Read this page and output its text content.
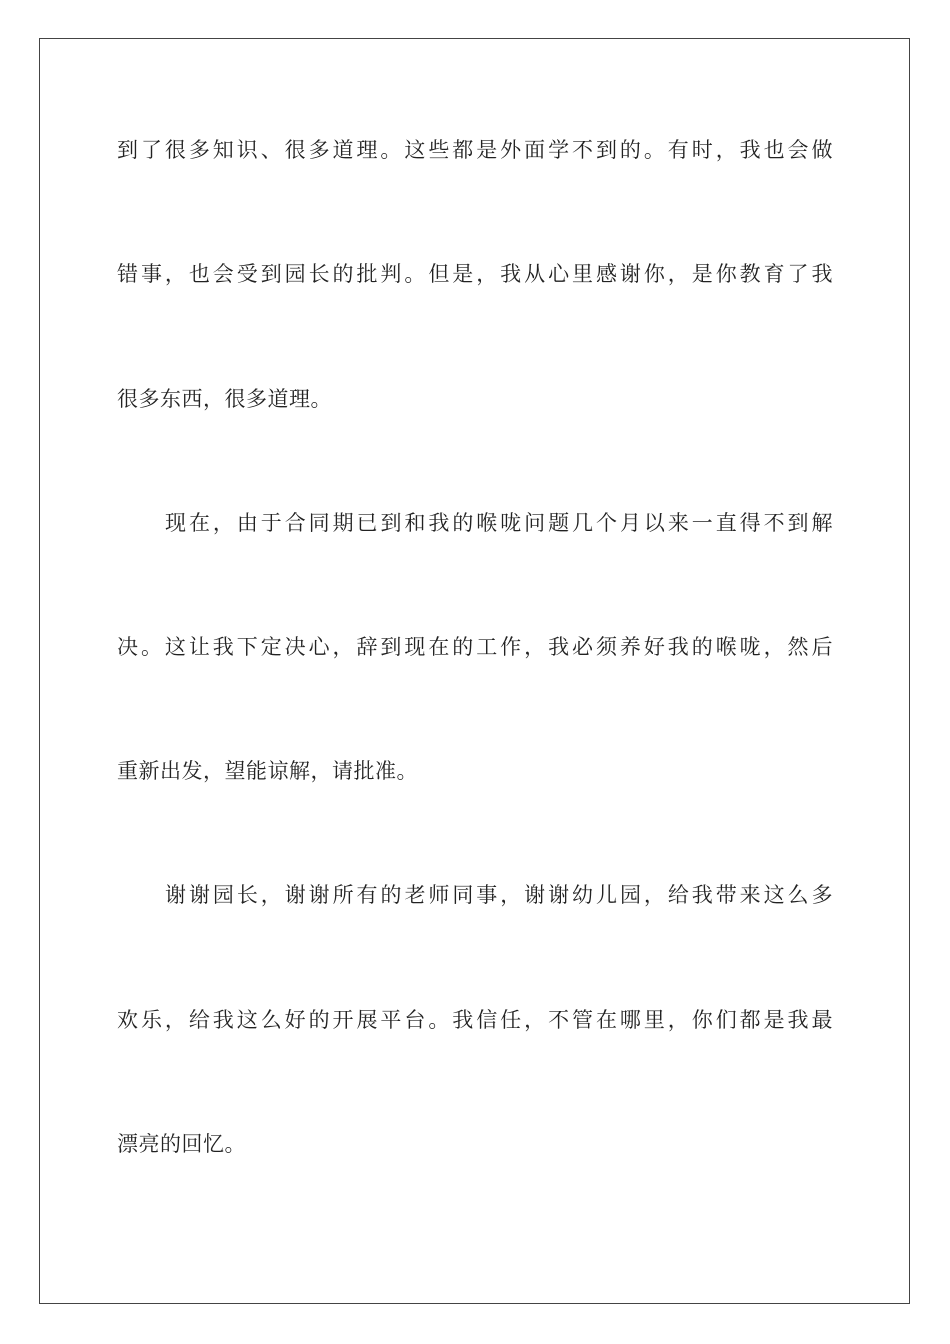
到了很多知识、很多道理。这些都是外面学不到的。有时，我也会做
错事，也会受到园长的批判。但是，我从心里感谢你，是你教育了我
很多东西，很多道理。
现在，由于合同期已到和我的喉咙问题几个月以来一直得不到解
决。这让我下定决心，辞到现在的工作，我必须养好我的喉咙，然后
重新出发，望能谅解，请批准。
谢谢园长，谢谢所有的老师同事，谢谢幼儿园，给我带来这么多
欢乐，给我这么好的开展平台。我信任，不管在哪里，你们都是我最
漂亮的回忆。
